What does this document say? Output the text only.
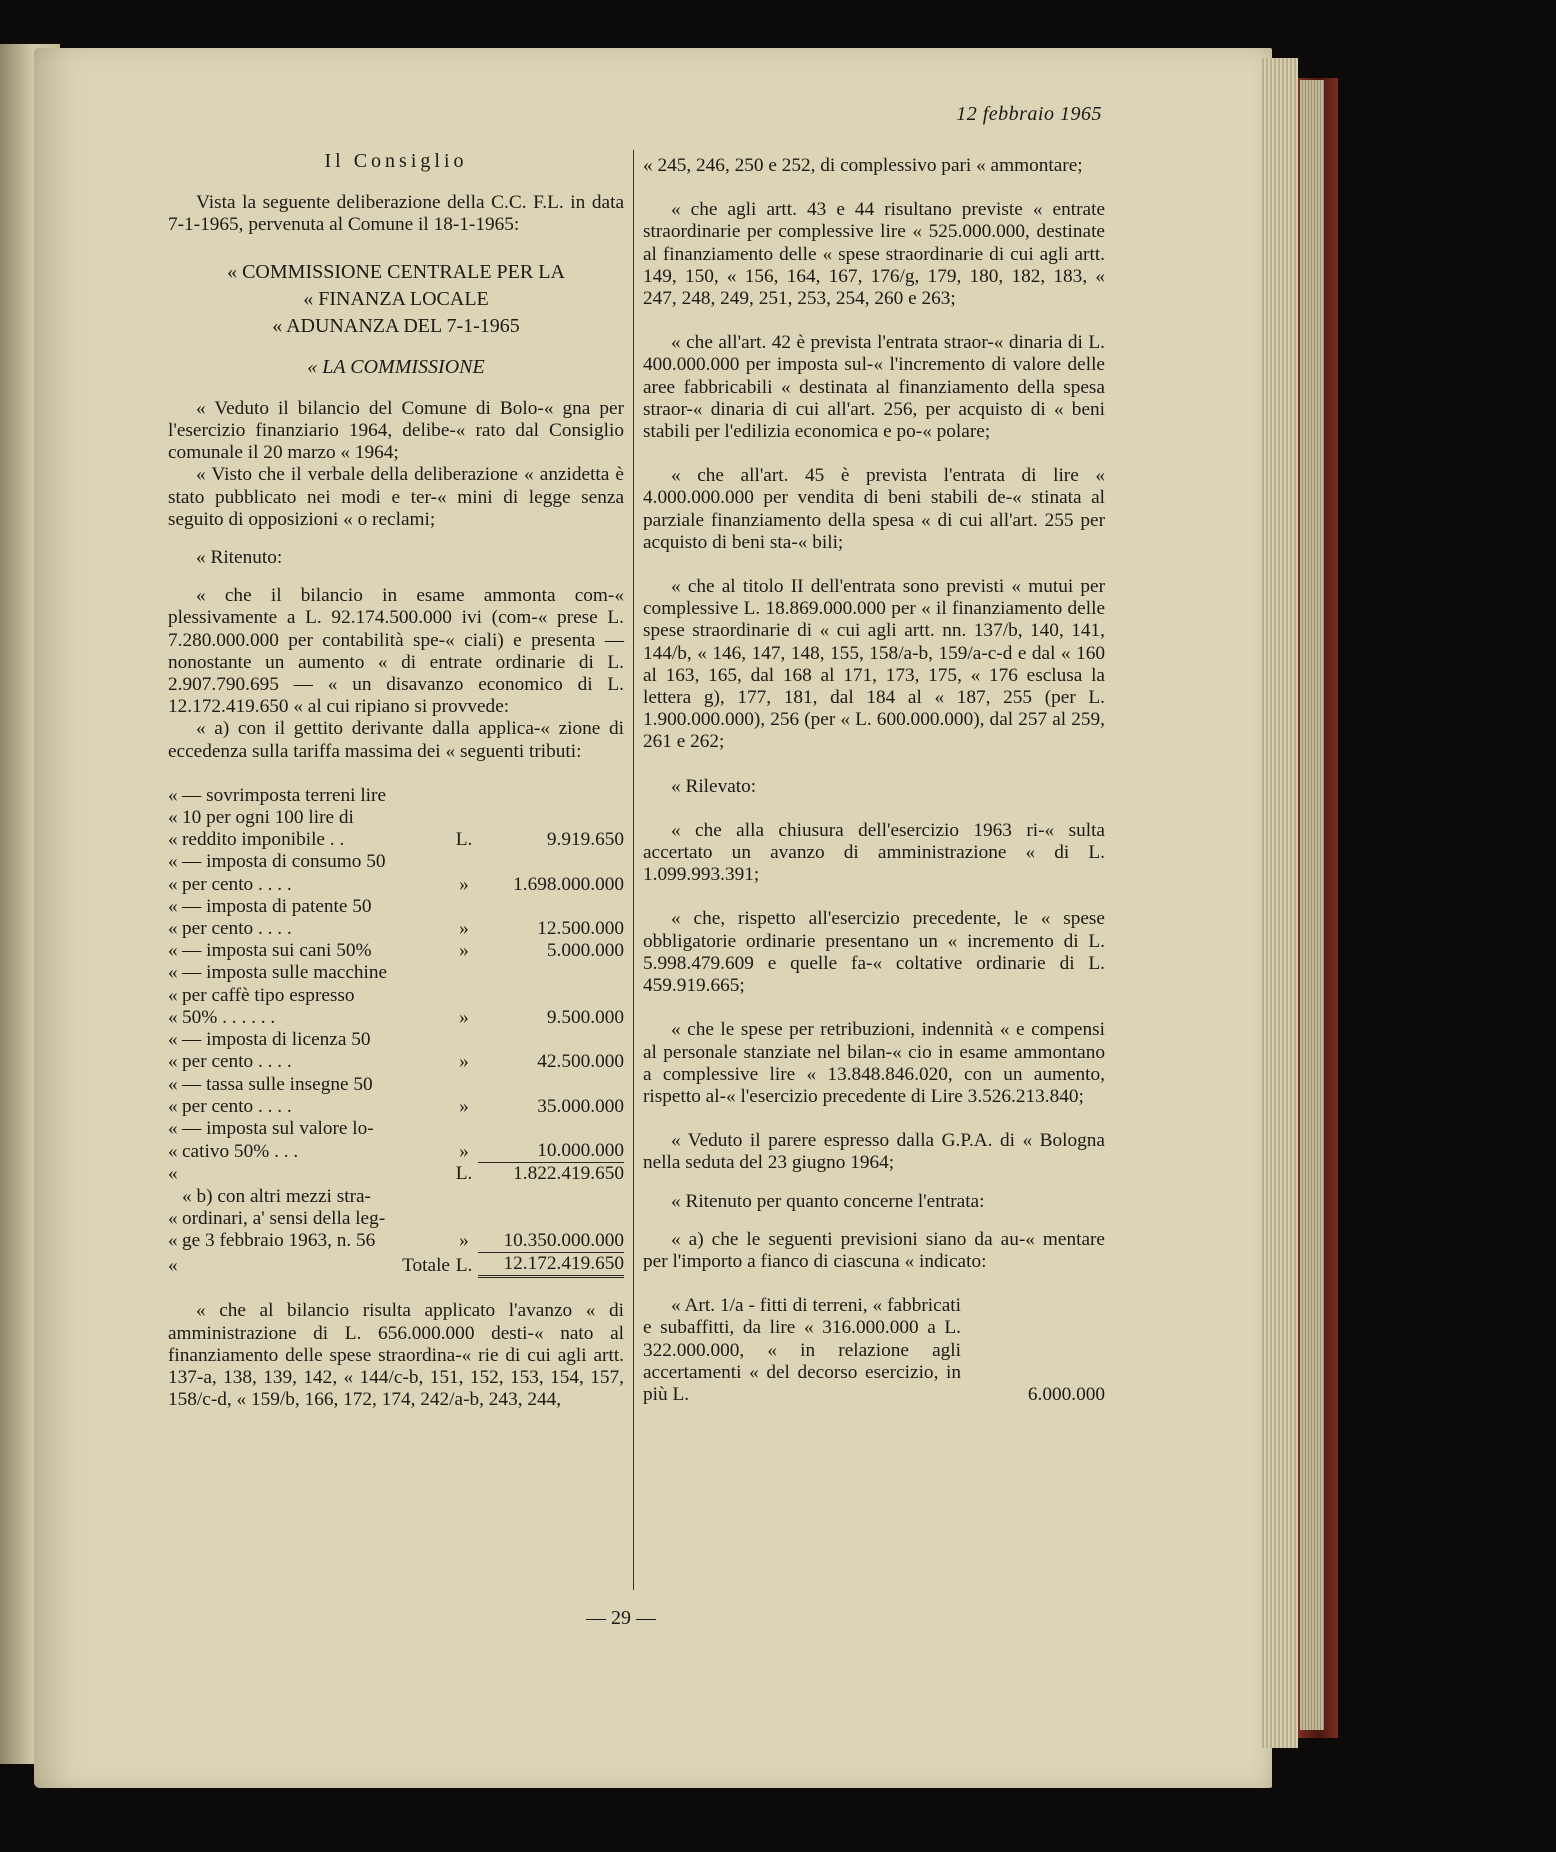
12 febbraio 1965

Il Consiglio

Vista la seguente deliberazione della C.C. F.L. in data 7-1-1965, pervenuta al Comune il 18-1-1965:

« COMMISSIONE CENTRALE PER LA

« FINANZA LOCALE

« ADUNANZA DEL 7-1-1965

« LA COMMISSIONE

« Veduto il bilancio del Comune di Bolo-« gna per l'esercizio finanziario 1964, delibe-« rato dal Consiglio comunale il 20 marzo « 1964;

« Visto che il verbale della deliberazione « anzidetta è stato pubblicato nei modi e ter-« mini di legge senza seguito di opposizioni « o reclami;

« Ritenuto:

« che il bilancio in esame ammonta com-« plessivamente a L. 92.174.500.000 ivi (com-« prese L. 7.280.000.000 per contabilità spe-« ciali) e presenta — nonostante un aumento « di entrate ordinarie di L. 2.907.790.695 — « un disavanzo economico di L. 12.172.419.650 « al cui ripiano si provvede:

« a) con il gettito derivante dalla applica-« zione di eccedenza sulla tariffa massima dei « seguenti tributi:

«	— sovrimposta terreni lire		
«	10 per ogni 100 lire di		
«	reddito imponibile . .	L.	9.919.650
«	— imposta di consumo 50		
«	per cento . . . .	»	1.698.000.000
«	— imposta di patente 50		
«	per cento . . . .	»	12.500.000
«	— imposta sui cani 50%	»	5.000.000
«	— imposta sulle macchine		
«	per caffè tipo espresso		
«	50% . . . . . .	»	9.500.000
«	— imposta di licenza 50		
«	per cento . . . .	»	42.500.000
«	— tassa sulle insegne 50		
«	per cento . . . .	»	35.000.000
«	— imposta sul valore lo-		
«	cativo 50% . . .	»	10.000.000
«		L.	1.822.419.650
	« b) con altri mezzi stra-		
«	ordinari, a' sensi della leg-		
«	ge 3 febbraio 1963, n. 56	»	10.350.000.000
«	Totale	L.	12.172.419.650

« che al bilancio risulta applicato l'avanzo « di amministrazione di L. 656.000.000 desti-« nato al finanziamento delle spese straordina-« rie di cui agli artt. 137-a, 138, 139, 142, « 144/c-b, 151, 152, 153, 154, 157, 158/c-d, « 159/b, 166, 172, 174, 242/a-b, 243, 244,

« 245, 246, 250 e 252, di complessivo pari « ammontare;

« che agli artt. 43 e 44 risultano previste « entrate straordinarie per complessive lire « 525.000.000, destinate al finanziamento delle « spese straordinarie di cui agli artt. 149, 150, « 156, 164, 167, 176/g, 179, 180, 182, 183, « 247, 248, 249, 251, 253, 254, 260 e 263;

« che all'art. 42 è prevista l'entrata straor-« dinaria di L. 400.000.000 per imposta sul-« l'incremento di valore delle aree fabbricabili « destinata al finanziamento della spesa straor-« dinaria di cui all'art. 256, per acquisto di « beni stabili per l'edilizia economica e po-« polare;

« che all'art. 45 è prevista l'entrata di lire « 4.000.000.000 per vendita di beni stabili de-« stinata al parziale finanziamento della spesa « di cui all'art. 255 per acquisto di beni sta-« bili;

« che al titolo II dell'entrata sono previsti « mutui per complessive L. 18.869.000.000 per « il finanziamento delle spese straordinarie di « cui agli artt. nn. 137/b, 140, 141, 144/b, « 146, 147, 148, 155, 158/a-b, 159/a-c-d e dal « 160 al 163, 165, dal 168 al 171, 173, 175, « 176 esclusa la lettera g), 177, 181, dal 184 al « 187, 255 (per L. 1.900.000.000), 256 (per « L. 600.000.000), dal 257 al 259, 261 e 262;

« Rilevato:

« che alla chiusura dell'esercizio 1963 ri-« sulta accertato un avanzo di amministrazione « di L. 1.099.993.391;

« che, rispetto all'esercizio precedente, le « spese obbligatorie ordinarie presentano un « incremento di L. 5.998.479.609 e quelle fa-« coltative ordinarie di L. 459.919.665;

« che le spese per retribuzioni, indennità « e compensi al personale stanziate nel bilan-« cio in esame ammontano a complessive lire « 13.848.846.020, con un aumento, rispetto al-« l'esercizio precedente di Lire 3.526.213.840;

« Veduto il parere espresso dalla G.P.A. di « Bologna nella seduta del 23 giugno 1964;

« Ritenuto per quanto concerne l'entrata:

« a) che le seguenti previsioni siano da au-« mentare per l'importo a fianco di ciascuna « indicato:

« Art. 1/a - fitti di terreni, « fabbricati e subaffitti, da lire « 316.000.000 a L. 322.000.000, « in relazione agli accertamenti « del decorso esercizio, in più L.	6.000.000
— 29 —
